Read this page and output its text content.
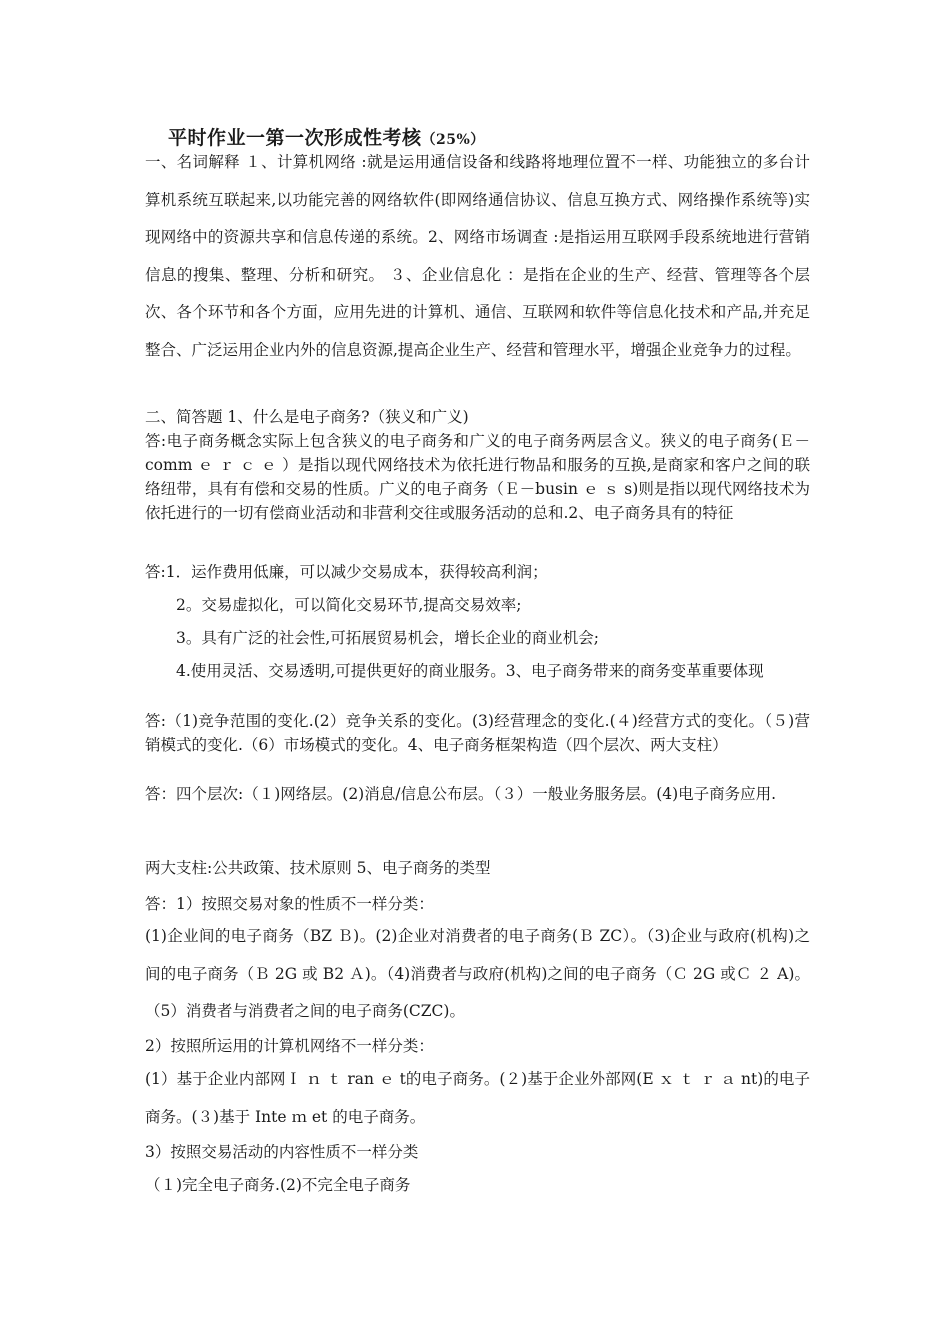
平时作业一第一次形成性考核（25%）
一、名词解释 １、计算机网络 :就是运用通信设备和线路将地理位置不一样、功能独立的多台计算机系统互联起来,以功能完善的网络软件(即网络通信协议、信息互换方式、网络操作系统等)实现网络中的资源共享和信息传递的系统。2、网络市场调查 :是指运用互联网手段系统地进行营销信息的搜集、整理、分析和研究。 ３、企业信息化 ：是指在企业的生产、经营、管理等各个层次、各个环节和各个方面，应用先进的计算机、通信、互联网和软件等信息化技术和产品,并充足整合、广泛运用企业内外的信息资源,提高企业生产、经营和管理水平，增强企业竞争力的过程。
二、简答题 1、什么是电子商务?（狭义和广义)
答:电子商务概念实际上包含狭义的电子商务和广义的电子商务两层含义。狭义的电子商务(Ｅ－comm ｅ ｒ ｃ ｅ ）是指以现代网络技术为依托进行物品和服务的互换,是商家和客户之间的联络纽带，具有有偿和交易的性质。广义的电子商务（Ｅ－busin ｅ ｓ s)则是指以现代网络技术为依托进行的一切有偿商业活动和非营利交往或服务活动的总和.2、电子商务具有的特征
答:1．运作费用低廉，可以减少交易成本，获得较高利润；
2。交易虚拟化，可以简化交易环节,提高交易效率;
3。具有广泛的社会性,可拓展贸易机会，增长企业的商业机会;
4.使用灵活、交易透明,可提供更好的商业服务。3、电子商务带来的商务变革重要体现
答:（1)竞争范围的变化.(2）竞争关系的变化。(3)经营理念的变化.(４)经营方式的变化。（５)营销模式的变化.（6）市场模式的变化。4、电子商务框架构造（四个层次、两大支柱）
答：四个层次:（１)网络层。(2)消息/信息公布层。（３）一般业务服务层。(4)电子商务应用.
两大支柱:公共政策、技术原则 5、电子商务的类型
答：1）按照交易对象的性质不一样分类：
(1)企业间的电子商务（BZ Ｂ)。(2)企业对消费者的电子商务(Ｂ ZC）。（3)企业与政府(机构)之间的电子商务（Ｂ 2G 或 B2 Ａ)。（4)消费者与政府(机构)之间的电子商务（Ｃ 2G 或Ｃ ２ A)。（5）消费者与消费者之间的电子商务(CZC)。
2）按照所运用的计算机网络不一样分类：
(1）基于企业内部网Ｉ ｎ ｔ ran ｅ t的电子商务。(２)基于企业外部网(E ｘ ｔ ｒ ａ nt)的电子商务。(３)基于 Inte ｍ et 的电子商务。
3）按照交易活动的内容性质不一样分类
（１)完全电子商务.(2)不完全电子商务
